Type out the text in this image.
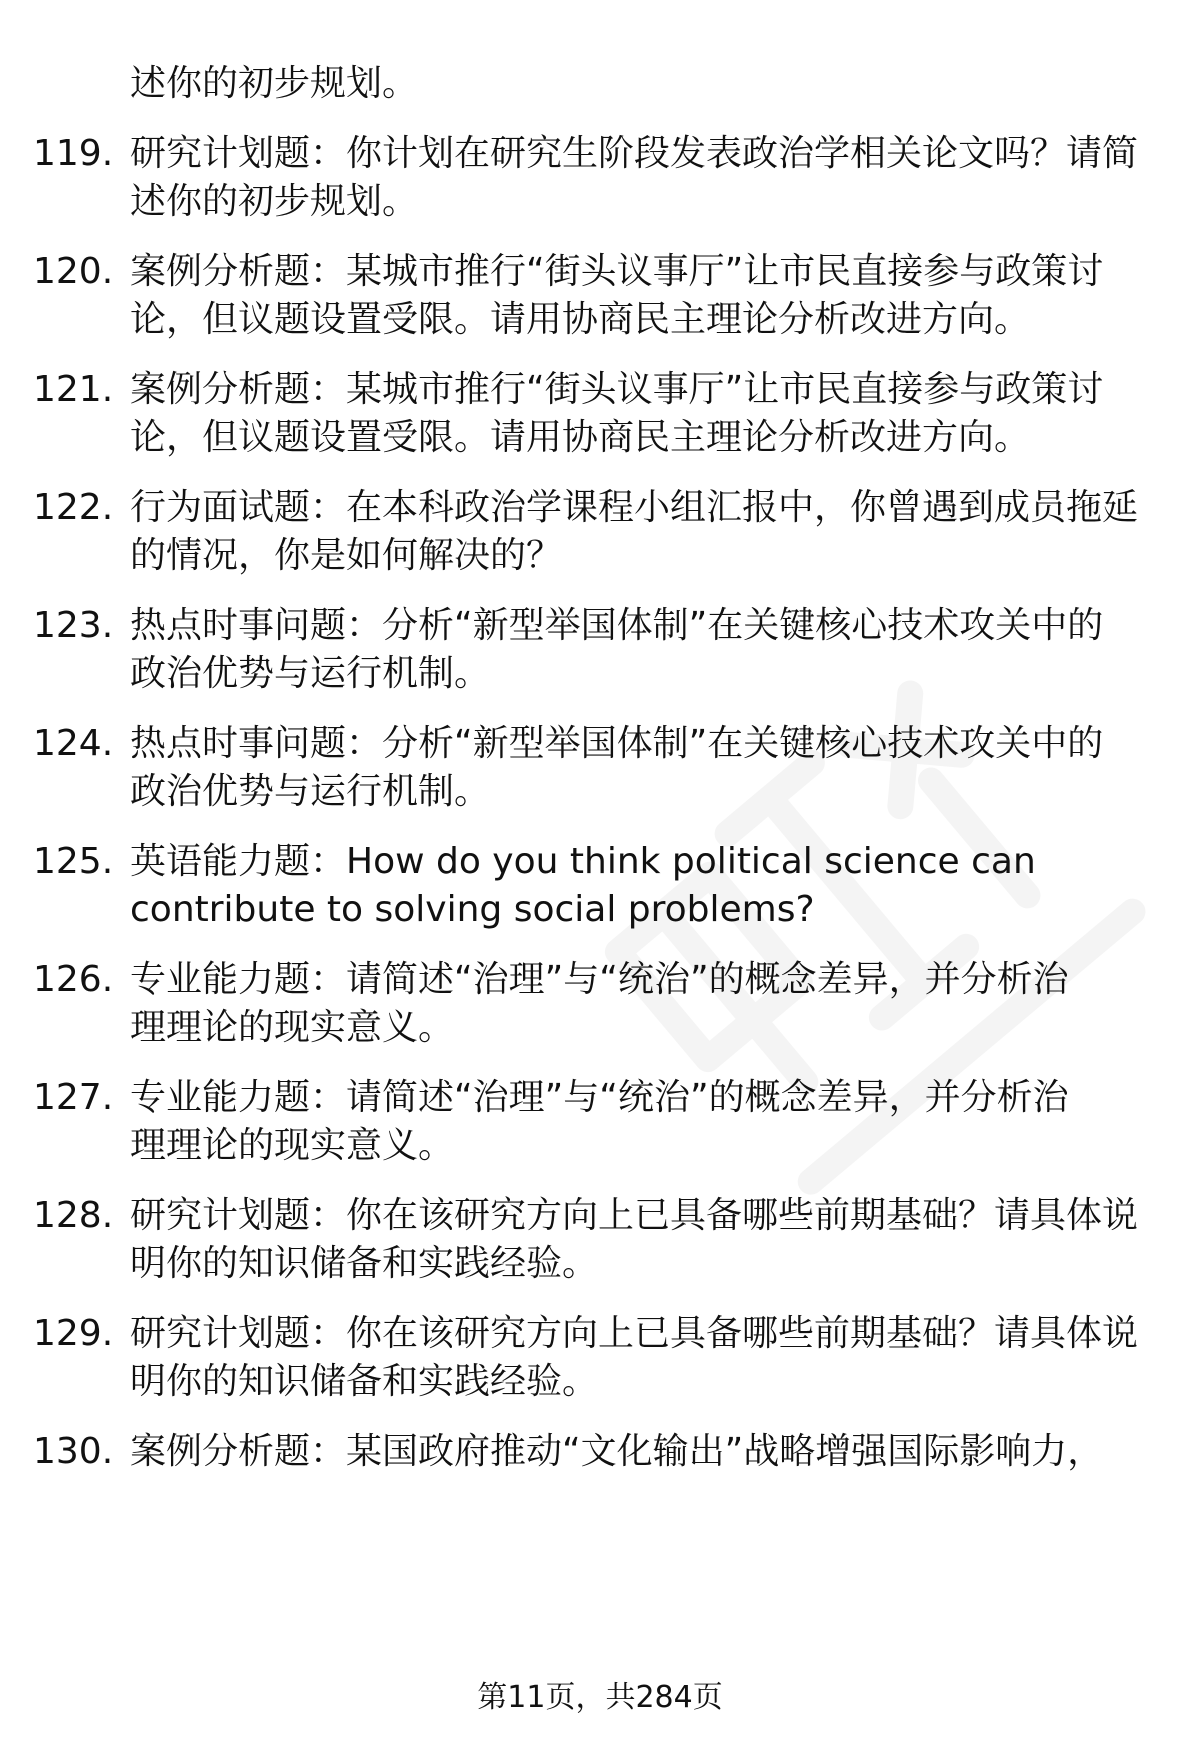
述你的初步规划。
119. 研究计划题：你计划在研究生阶段发表政治学相关论文吗？请简
述你的初步规划。
120. 案例分析题：某城市推行“街头议事厅”让市民直接参与政策讨
论，但议题设置受限。请用协商民主理论分析改进方向。
121. 案例分析题：某城市推行“街头议事厅”让市民直接参与政策讨
论，但议题设置受限。请用协商民主理论分析改进方向。
122. 行为面试题：在本科政治学课程小组汇报中，你曾遇到成员拖延
的情况，你是如何解决的？
123. 热点时事问题：分析“新型举国体制”在关键核心技术攻关中的
政治优势与运行机制。
124. 热点时事问题：分析“新型举国体制”在关键核心技术攻关中的
政治优势与运行机制。
125. 英语能力题：How do you think political science can
contribute to solving social problems?
126. 专业能力题：请简述“治理”与“统治”的概念差异，并分析治
理理论的现实意义。
127. 专业能力题：请简述“治理”与“统治”的概念差异，并分析治
理理论的现实意义。
128. 研究计划题：你在该研究方向上已具备哪些前期基础？请具体说
明你的知识储备和实践经验。
129. 研究计划题：你在该研究方向上已具备哪些前期基础？请具体说
明你的知识储备和实践经验。
130. 案例分析题：某国政府推动“文化输出”战略增强国际影响力，
第11页，共284页
